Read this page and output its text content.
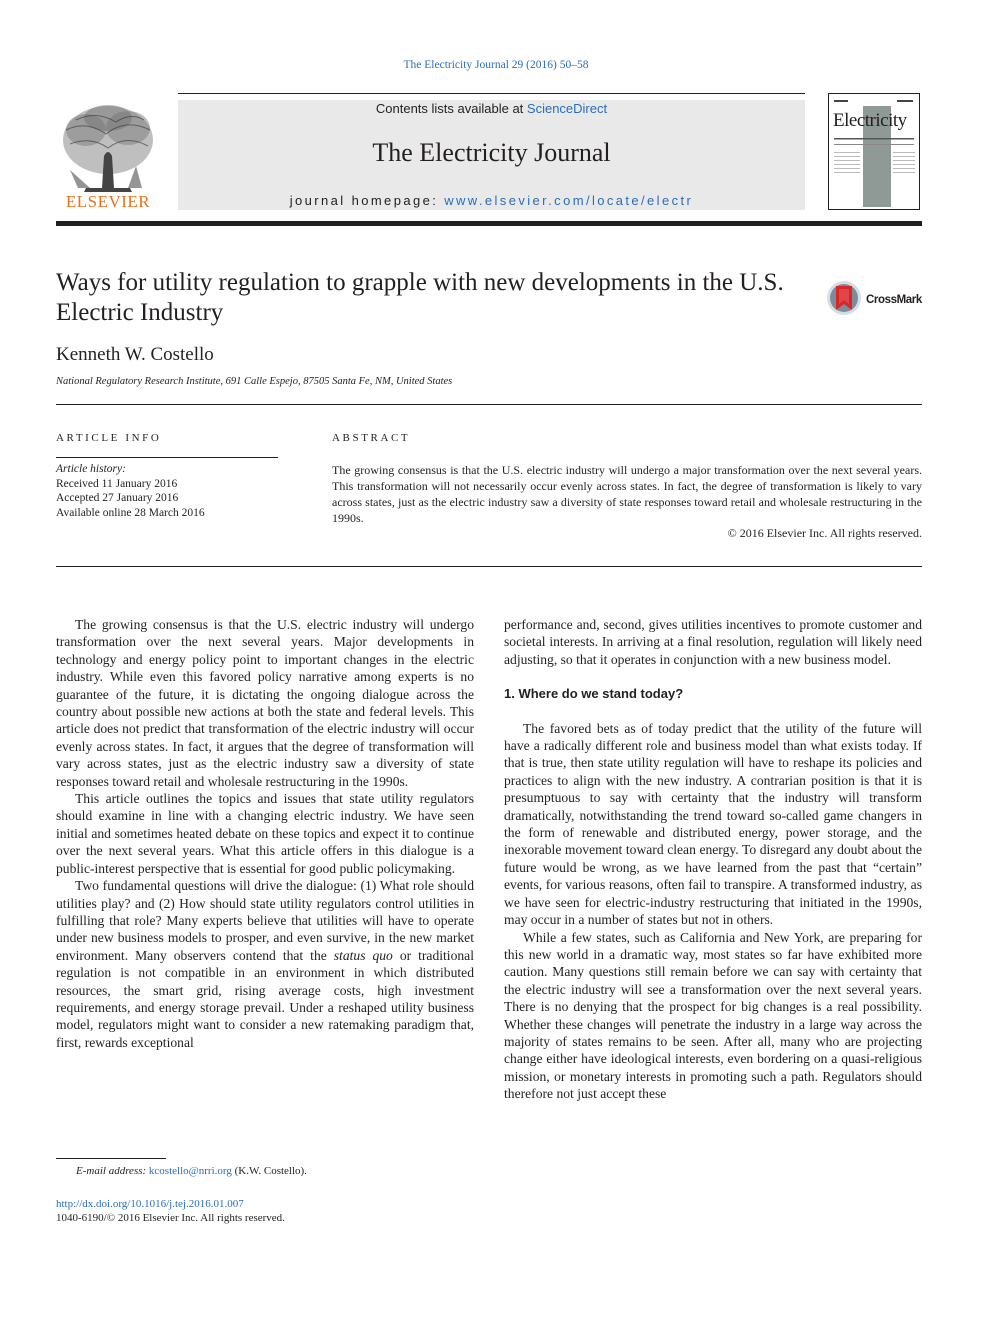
The Electricity Journal 29 (2016) 50–58
ELSEVIER
Contents lists available at ScienceDirect
The Electricity Journal
journal homepage: www.elsevier.com/locate/electr
Electricity
Ways for utility regulation to grapple with new developments in the U.S. Electric Industry	CrossMark
Kenneth W. Costello
National Regulatory Research Institute, 691 Calle Espejo, 87505 Santa Fe, NM, United States
ARTICLE INFO	ABSTRACT
Article history:
Received 11 January 2016
Accepted 27 January 2016
Available online 28 March 2016
The growing consensus is that the U.S. electric industry will undergo a major transformation over the next several years. This transformation will not necessarily occur evenly across states. In fact, the degree of transformation is likely to vary across states, just as the electric industry saw a diversity of state responses toward retail and wholesale restructuring in the 1990s.
© 2016 Elsevier Inc. All rights reserved.

The growing consensus is that the U.S. electric industry will undergo transformation over the next several years. Major developments in technology and energy policy point to important changes in the electric industry. While even this favored policy narrative among experts is no guarantee of the future, it is dictating the ongoing dialogue across the country about possible new actions at both the state and federal levels. This article does not predict that transformation of the electric industry will occur evenly across states. In fact, it argues that the degree of transformation will vary across states, just as the electric industry saw a diversity of state responses toward retail and wholesale restructuring in the 1990s.

This article outlines the topics and issues that state utility regulators should examine in line with a changing electric industry. We have seen initial and sometimes heated debate on these topics and expect it to continue over the next several years. What this article offers in this dialogue is a public-interest perspective that is essential for good public policymaking.

Two fundamental questions will drive the dialogue: (1) What role should utilities play? and (2) How should state utility regulators control utilities in fulfilling that role? Many experts believe that utilities will have to operate under new business models to prosper, and even survive, in the new market environment. Many observers contend that the status quo or traditional regulation is not compatible in an environment in which distributed resources, the smart grid, rising average costs, high investment requirements, and energy storage prevail. Under a reshaped utility business model, regulators might want to consider a new ratemaking paradigm that, first, rewards exceptional

performance and, second, gives utilities incentives to promote customer and societal interests. In arriving at a final resolution, regulation will likely need adjusting, so that it operates in conjunction with a new business model.

1. Where do we stand today?

The favored bets as of today predict that the utility of the future will have a radically different role and business model than what exists today. If that is true, then state utility regulation will have to reshape its policies and practices to align with the new industry. A contrarian position is that it is presumptuous to say with certainty that the industry will transform dramatically, notwithstanding the trend toward so-called game changers in the form of renewable and distributed energy, power storage, and the inexorable movement toward clean energy. To disregard any doubt about the future would be wrong, as we have learned from the past that “certain” events, for various reasons, often fail to transpire. A transformed industry, as we have seen for electric-industry restructuring that initiated in the 1990s, may occur in a number of states but not in others.

While a few states, such as California and New York, are preparing for this new world in a dramatic way, most states so far have exhibited more caution. Many questions still remain before we can say with certainty that the electric industry will see a transformation over the next several years. There is no denying that the prospect for big changes is a real possibility. Whether these changes will penetrate the industry in a large way across the majority of states remains to be seen. After all, many who are projecting change either have ideological interests, even bordering on a quasi-religious mission, or monetary interests in promoting such a path. Regulators should therefore not just accept these

E-mail address: kcostello@nrri.org (K.W. Costello).
http://dx.doi.org/10.1016/j.tej.2016.01.007
1040-6190/© 2016 Elsevier Inc. All rights reserved.
